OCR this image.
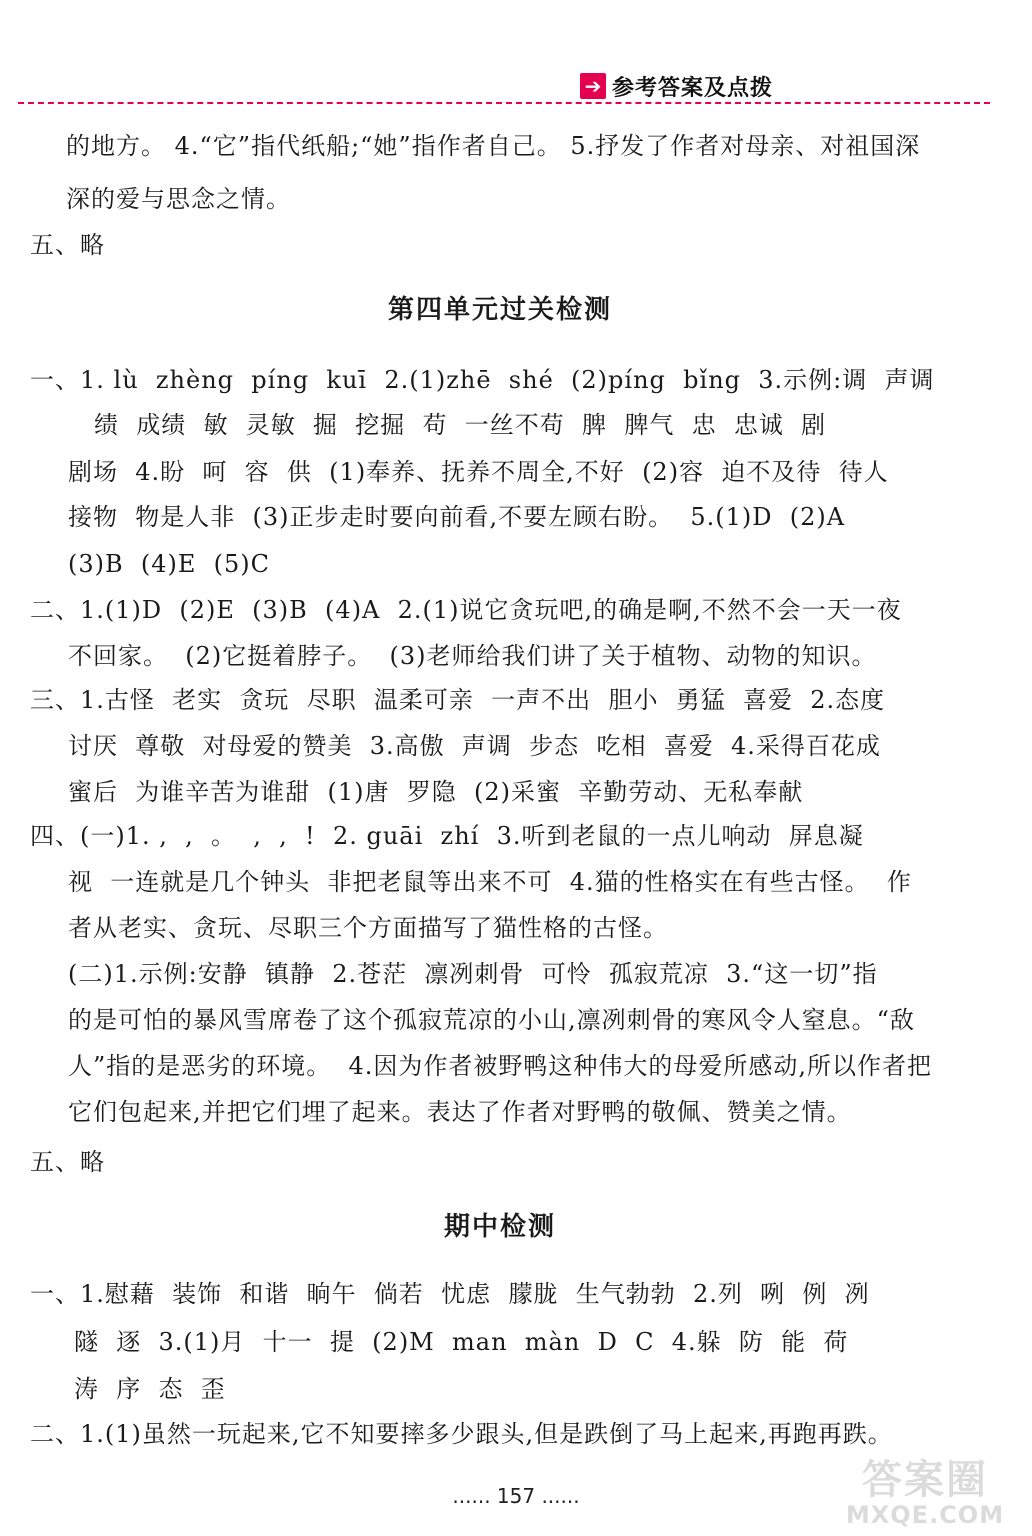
➔ 参考答案及点拨
的地方。 4.“它”指代纸船;“她”指作者自己。 5.抒发了作者对母亲、对祖国深
深的爱与思念之情。
五、略
第四单元过关检测
一、1. lù  zhèng  píng  kuī  2.(1)zhē  shé  (2)píng  bǐng  3.示例:调  声调
绩  成绩  敏  灵敏  掘  挖掘  苟  一丝不苟  脾  脾气  忠  忠诚  剧
剧场  4.盼  呵  容  供  (1)奉养、抚养不周全,不好  (2)容  迫不及待  待人
接物  物是人非  (3)正步走时要向前看,不要左顾右盼。  5.(1)D  (2)A
(3)B  (4)E  (5)C
二、1.(1)D  (2)E  (3)B  (4)A  2.(1)说它贪玩吧,的确是啊,不然不会一天一夜
不回家。  (2)它挺着脖子。  (3)老师给我们讲了关于植物、动物的知识。
三、1.古怪  老实  贪玩  尽职  温柔可亲  一声不出  胆小  勇猛  喜爱  2.态度
讨厌  尊敬  对母爱的赞美  3.高傲  声调  步态  吃相  喜爱  4.采得百花成
蜜后  为谁辛苦为谁甜  (1)唐  罗隐  (2)采蜜  辛勤劳动、无私奉献
四、(一)1. ,  ,  。  ,  ,  !  2. guāi  zhí  3.听到老鼠的一点儿响动  屏息凝
视  一连就是几个钟头  非把老鼠等出来不可  4.猫的性格实在有些古怪。  作
者从老实、贪玩、尽职三个方面描写了猫性格的古怪。
(二)1.示例:安静  镇静  2.苍茫  凛冽刺骨  可怜  孤寂荒凉  3.“这一切”指
的是可怕的暴风雪席卷了这个孤寂荒凉的小山,凛冽刺骨的寒风令人窒息。“敌
人”指的是恶劣的环境。  4.因为作者被野鸭这种伟大的母爱所感动,所以作者把
它们包起来,并把它们埋了起来。表达了作者对野鸭的敬佩、赞美之情。
五、略
期中检测
一、1.慰藉  装饰  和谐  晌午  倘若  忧虑  朦胧  生气勃勃  2.列  咧  例  冽
隧  逐  3.(1)月  十一  提  (2)M  man  màn  D  C  4.躲  防  能  荷
涛  序  态  歪
二、1.(1)虽然一玩起来,它不知要摔多少跟头,但是跌倒了马上起来,再跑再跌。
...... 157 ......	答案圈
MXQE.COM
